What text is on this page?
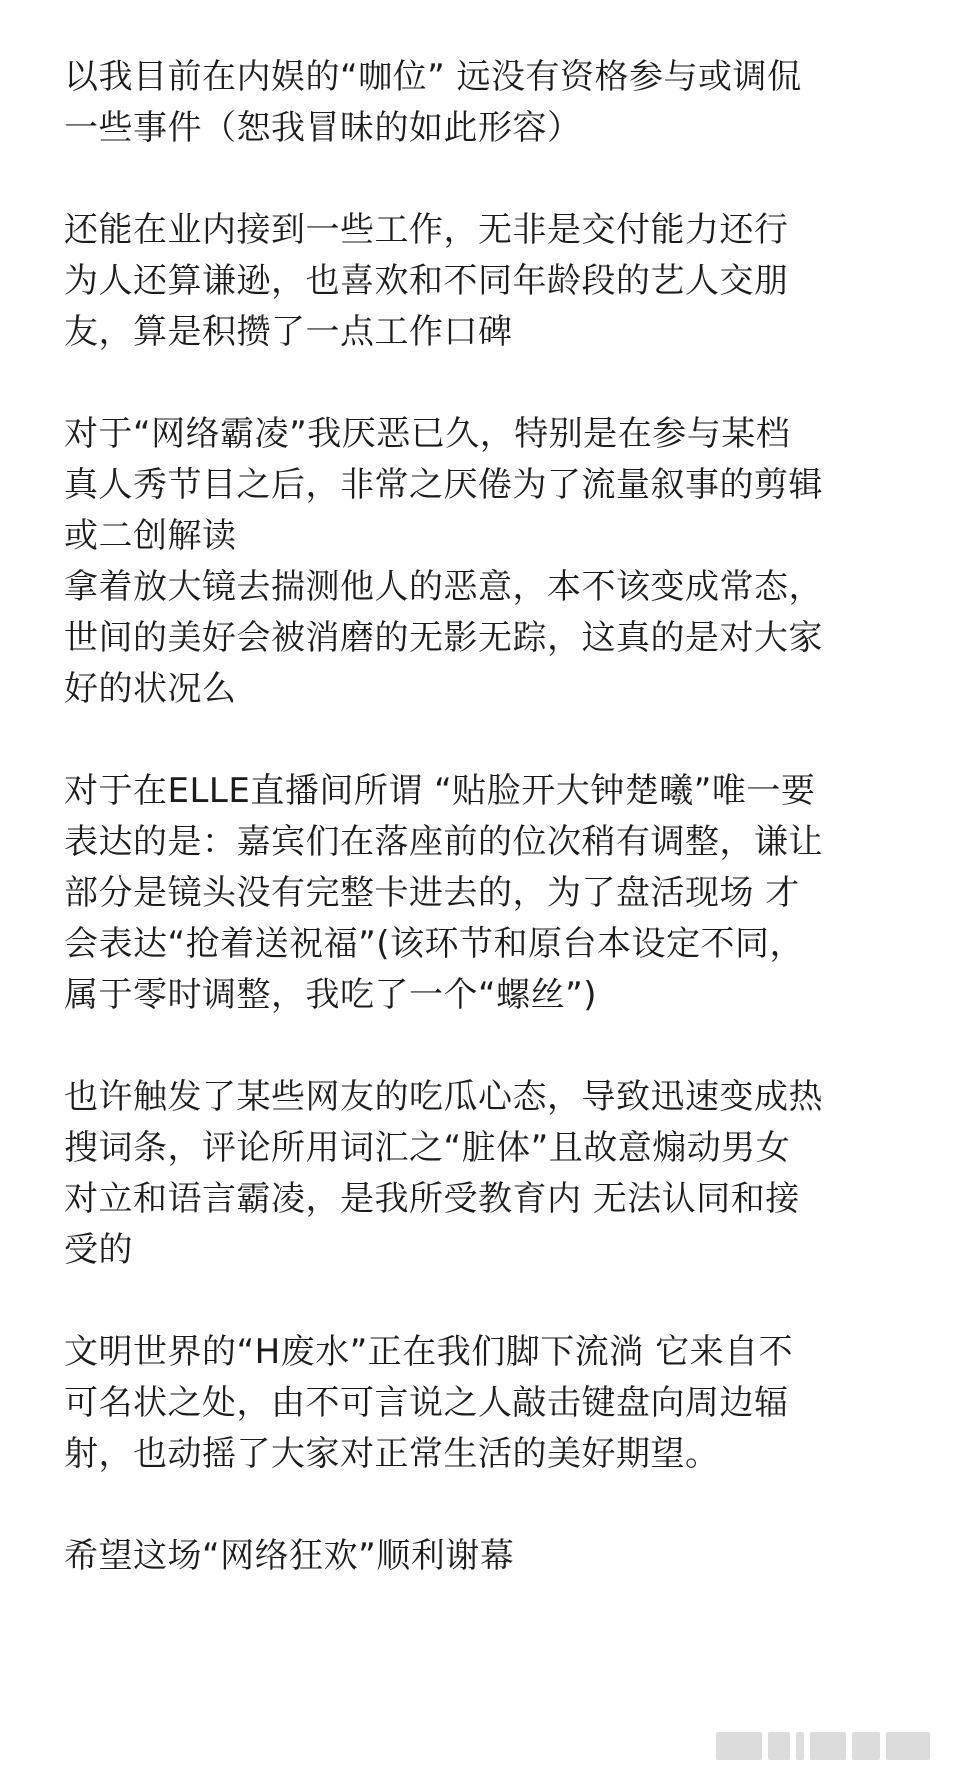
以我目前在内娱的“咖位” 远没有资格参与或调侃
一些事件（恕我冒昧的如此形容）
还能在业内接到一些工作，无非是交付能力还行
为人还算谦逊，也喜欢和不同年龄段的艺人交朋
友，算是积攒了一点工作口碑
对于“网络霸凌”我厌恶已久，特别是在参与某档
真人秀节目之后，非常之厌倦为了流量叙事的剪辑
或二创解读
拿着放大镜去揣测他人的恶意，本不该变成常态，
世间的美好会被消磨的无影无踪，这真的是对大家
好的状况么
对于在ELLE直播间所谓 “贴脸开大钟楚曦”唯一要
表达的是：嘉宾们在落座前的位次稍有调整，谦让
部分是镜头没有完整卡进去的，为了盘活现场 才
会表达“抢着送祝福”(该环节和原台本设定不同，
属于零时调整，我吃了一个“螺丝”)
也许触发了某些网友的吃瓜心态，导致迅速变成热
搜词条，评论所用词汇之“脏体”且故意煽动男女
对立和语言霸凌，是我所受教育内 无法认同和接
受的
文明世界的“H废水”正在我们脚下流淌 它来自不
可名状之处，由不可言说之人敲击键盘向周边辐
射，也动摇了大家对正常生活的美好期望。
希望这场“网络狂欢”顺利谢幕
